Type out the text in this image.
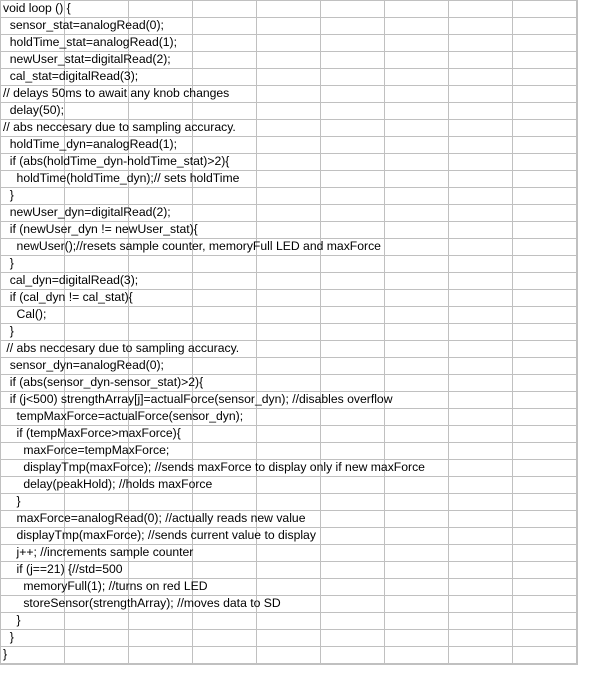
void loop () {
sensor_stat=analogRead(0);
holdTime_stat=analogRead(1);
newUser_stat=digitalRead(2);
cal_stat=digitalRead(3);
// delays 50ms to await any knob changes
delay(50);
// abs neccesary due to sampling accuracy.
holdTime_dyn=analogRead(1);
if (abs(holdTime_dyn-holdTime_stat)>2){
holdTime(holdTime_dyn);// sets holdTime
}
newUser_dyn=digitalRead(2);
if (newUser_dyn != newUser_stat){
newUser();//resets sample counter, memoryFull LED and maxForce
}
cal_dyn=digitalRead(3);
if (cal_dyn != cal_stat){
Cal();
}
// abs neccesary due to sampling accuracy.
sensor_dyn=analogRead(0);
if (abs(sensor_dyn-sensor_stat)>2){
if (j<500) strengthArray[j]=actualForce(sensor_dyn); //disables overflow
tempMaxForce=actualForce(sensor_dyn);
if (tempMaxForce>maxForce){
maxForce=tempMaxForce;
displayTmp(maxForce); //sends maxForce to display only if new maxForce
delay(peakHold); //holds maxForce
}
maxForce=analogRead(0); //actually reads new value
displayTmp(maxForce); //sends current value to display
j++; //increments sample counter
if (j==21) {//std=500
memoryFull(1); //turns on red LED
storeSensor(strengthArray); //moves data to SD
}
}
}
